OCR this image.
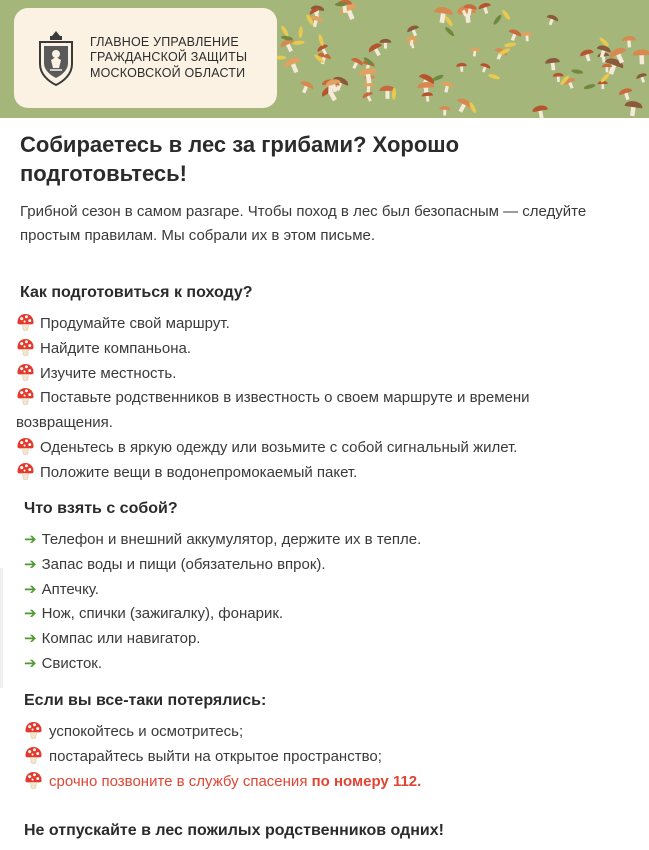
ГЛАВНОЕ УПРАВЛЕНИЕ
ГРАЖДАНСКОЙ ЗАЩИТЫ
МОСКОВСКОЙ ОБЛАСТИ
Собираетесь в лес за грибами? Хорошо подготовьтесь!

Грибной сезон в самом разгаре. Чтобы поход в лес был безопасным — следуйте простым правилам. Мы собрали их в этом письме.

Как подготовиться к походу?
Продумайте свой маршрут.
Найдите компаньона.
Изучите местность.
Поставьте родственников в известность о своем маршруте и времени возвращения.
Оденьтесь в яркую одежду или возьмите с собой сигнальный жилет.
Положите вещи в водонепромокаемый пакет.
Что взять с собой?
➔ Телефон и внешний аккумулятор, держите их в тепле.
➔ Запас воды и пищи (обязательно впрок).
➔ Аптечку.
➔ Нож, спички (зажигалку), фонарик.
➔ Компас или навигатор.
➔ Свисток.
Если вы все-таки потерялись:
успокойтесь и осмотритесь;
постарайтесь выйти на открытое пространство;
срочно позвоните в службу спасения по номеру 112.
Не отпускайте в лес пожилых родственников одних!
